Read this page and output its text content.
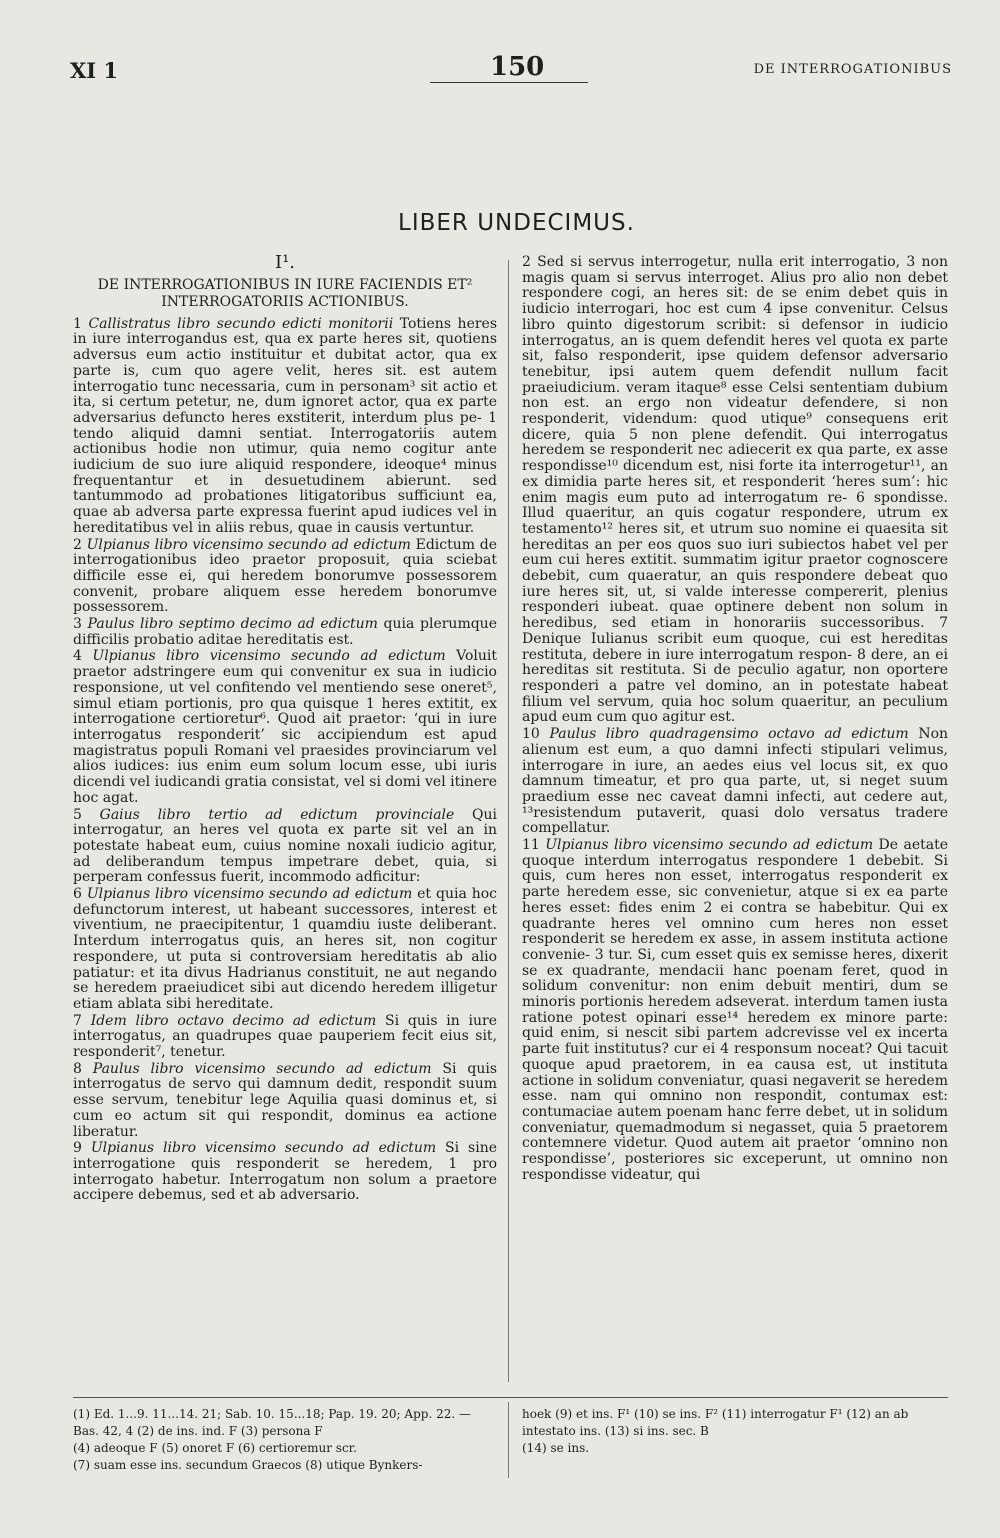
XI 1	150	DE INTERROGATIONIBUS
LIBER UNDECIMUS.
I¹.
DE INTERROGATIONIBUS IN IURE FACIENDIS ET² INTERROGATORIIS ACTIONIBUS.

1 Callistratus libro secundo edicti monitorii Totiens heres in iure interrogandus est, qua ex parte heres sit, quotiens adversus eum actio instituitur et dubitat actor, qua ex parte is, cum quo agere velit, heres sit. est autem interrogatio tunc necessaria, cum in personam³ sit actio et ita, si certum petetur, ne, dum ignoret actor, qua ex parte adversarius defuncto heres exstiterit, interdum plus pe- 1 tendo aliquid damni sentiat. Interrogatoriis autem actionibus hodie non utimur, quia nemo cogitur ante iudicium de suo iure aliquid respondere, ideoque⁴ minus frequentantur et in desuetudinem abierunt. sed tantummodo ad probationes litigatoribus sufficiunt ea, quae ab adversa parte expressa fuerint apud iudices vel in hereditatibus vel in aliis rebus, quae in causis vertuntur.

2 Ulpianus libro vicensimo secundo ad edictum Edictum de interrogationibus ideo praetor proposuit, quia sciebat difficile esse ei, qui heredem bonorumve possessorem convenit, probare aliquem esse heredem bonorumve possessorem.

3 Paulus libro septimo decimo ad edictum quia plerumque difficilis probatio aditae hereditatis est.

4 Ulpianus libro vicensimo secundo ad edictum Voluit praetor adstringere eum qui convenitur ex sua in iudicio responsione, ut vel confitendo vel mentiendo sese oneret⁵, simul etiam portionis, pro qua quisque 1 heres extitit, ex interrogatione certioretur⁶. Quod ait praetor: ‘qui in iure interrogatus responderit’ sic accipiendum est apud magistratus populi Romani vel praesides provinciarum vel alios iudices: ius enim eum solum locum esse, ubi iuris dicendi vel iudicandi gratia consistat, vel si domi vel itinere hoc agat.

5 Gaius libro tertio ad edictum provinciale Qui interrogatur, an heres vel quota ex parte sit vel an in potestate habeat eum, cuius nomine noxali iudicio agitur, ad deliberandum tempus impetrare debet, quia, si perperam confessus fuerit, incommodo adficitur:

6 Ulpianus libro vicensimo secundo ad edictum et quia hoc defunctorum interest, ut habeant successores, interest et viventium, ne praecipitentur, 1 quamdiu iuste deliberant. Interdum interrogatus quis, an heres sit, non cogitur respondere, ut puta si controversiam hereditatis ab alio patiatur: et ita divus Hadrianus constituit, ne aut negando se heredem praeiudicet sibi aut dicendo heredem illigetur etiam ablata sibi hereditate.

7 Idem libro octavo decimo ad edictum Si quis in iure interrogatus, an quadrupes quae pauperiem fecit eius sit, responderit⁷, tenetur.

8 Paulus libro vicensimo secundo ad edictum Si quis interrogatus de servo qui damnum dedit, respondit suum esse servum, tenebitur lege Aquilia quasi dominus et, si cum eo actum sit qui respondit, dominus ea actione liberatur.

9 Ulpianus libro vicensimo secundo ad edictum Si sine interrogatione quis responderit se heredem, 1 pro interrogato habetur. Interrogatum non solum a praetore accipere debemus, sed et ab adversario.

2 Sed si servus interrogetur, nulla erit interrogatio, 3 non magis quam si servus interroget. Alius pro alio non debet respondere cogi, an heres sit: de se enim debet quis in iudicio interrogari, hoc est cum 4 ipse convenitur. Celsus libro quinto digestorum scribit: si defensor in iudicio interrogatus, an is quem defendit heres vel quota ex parte sit, falso responderit, ipse quidem defensor adversario tenebitur, ipsi autem quem defendit nullum facit praeiudicium. veram itaque⁸ esse Celsi sententiam dubium non est. an ergo non videatur defendere, si non responderit, videndum: quod utique⁹ consequens erit dicere, quia 5 non plene defendit. Qui interrogatus heredem se responderit nec adiecerit ex qua parte, ex asse respondisse¹⁰ dicendum est, nisi forte ita interrogetur¹¹, an ex dimidia parte heres sit, et responderit ‘heres sum’: hic enim magis eum puto ad interrogatum re- 6 spondisse. Illud quaeritur, an quis cogatur respondere, utrum ex testamento¹² heres sit, et utrum suo nomine ei quaesita sit hereditas an per eos quos suo iuri subiectos habet vel per eum cui heres extitit. summatim igitur praetor cognoscere debebit, cum quaeratur, an quis respondere debeat quo iure heres sit, ut, si valde interesse compererit, plenius responderi iubeat. quae optinere debent non solum in heredibus, sed etiam in honorariis successoribus. 7 Denique Iulianus scribit eum quoque, cui est hereditas restituta, debere in iure interrogatum respon- 8 dere, an ei hereditas sit restituta. Si de peculio agatur, non oportere responderi a patre vel domino, an in potestate habeat filium vel servum, quia hoc solum quaeritur, an peculium apud eum cum quo agitur est.

10 Paulus libro quadragensimo octavo ad edictum Non alienum est eum, a quo damni infecti stipulari velimus, interrogare in iure, an aedes eius vel locus sit, ex quo damnum timeatur, et pro qua parte, ut, si neget suum praedium esse nec caveat damni infecti, aut cedere aut, ¹³resistendum putaverit, quasi dolo versatus tradere compellatur.

11 Ulpianus libro vicensimo secundo ad edictum De aetate quoque interdum interrogatus respondere 1 debebit. Si quis, cum heres non esset, interrogatus responderit ex parte heredem esse, sic convenietur, atque si ex ea parte heres esset: fides enim 2 ei contra se habebitur. Qui ex quadrante heres vel omnino cum heres non esset responderit se heredem ex asse, in assem instituta actione convenie- 3 tur. Si, cum esset quis ex semisse heres, dixerit se ex quadrante, mendacii hanc poenam feret, quod in solidum convenitur: non enim debuit mentiri, dum se minoris portionis heredem adseverat. interdum tamen iusta ratione potest opinari esse¹⁴ heredem ex minore parte: quid enim, si nescit sibi partem adcrevisse vel ex incerta parte fuit institutus? cur ei 4 responsum noceat? Qui tacuit quoque apud praetorem, in ea causa est, ut instituta actione in solidum conveniatur, quasi negaverit se heredem esse. nam qui omnino non respondit, contumax est: contumaciae autem poenam hanc ferre debet, ut in solidum conveniatur, quemadmodum si negasset, quia 5 praetorem contemnere videtur. Quod autem ait praetor ‘omnino non respondisse’, posteriores sic exceperunt, ut omnino non respondisse videatur, qui

(1) Ed. 1...9. 11...14. 21; Sab. 10. 15...18; Pap. 19. 20; App. 22. — Bas. 42, 4 (2) de ins. ind. F (3) persona F
(4) adeoque F (5) onoret F (6) certioremur scr.
(7) suam esse ins. secundum Graecos (8) utique Bynkers-
hoek (9) et ins. F¹ (10) se ins. F² (11) interrogatur F¹ (12) an ab intestato ins. (13) si ins. sec. B
(14) se ins.
